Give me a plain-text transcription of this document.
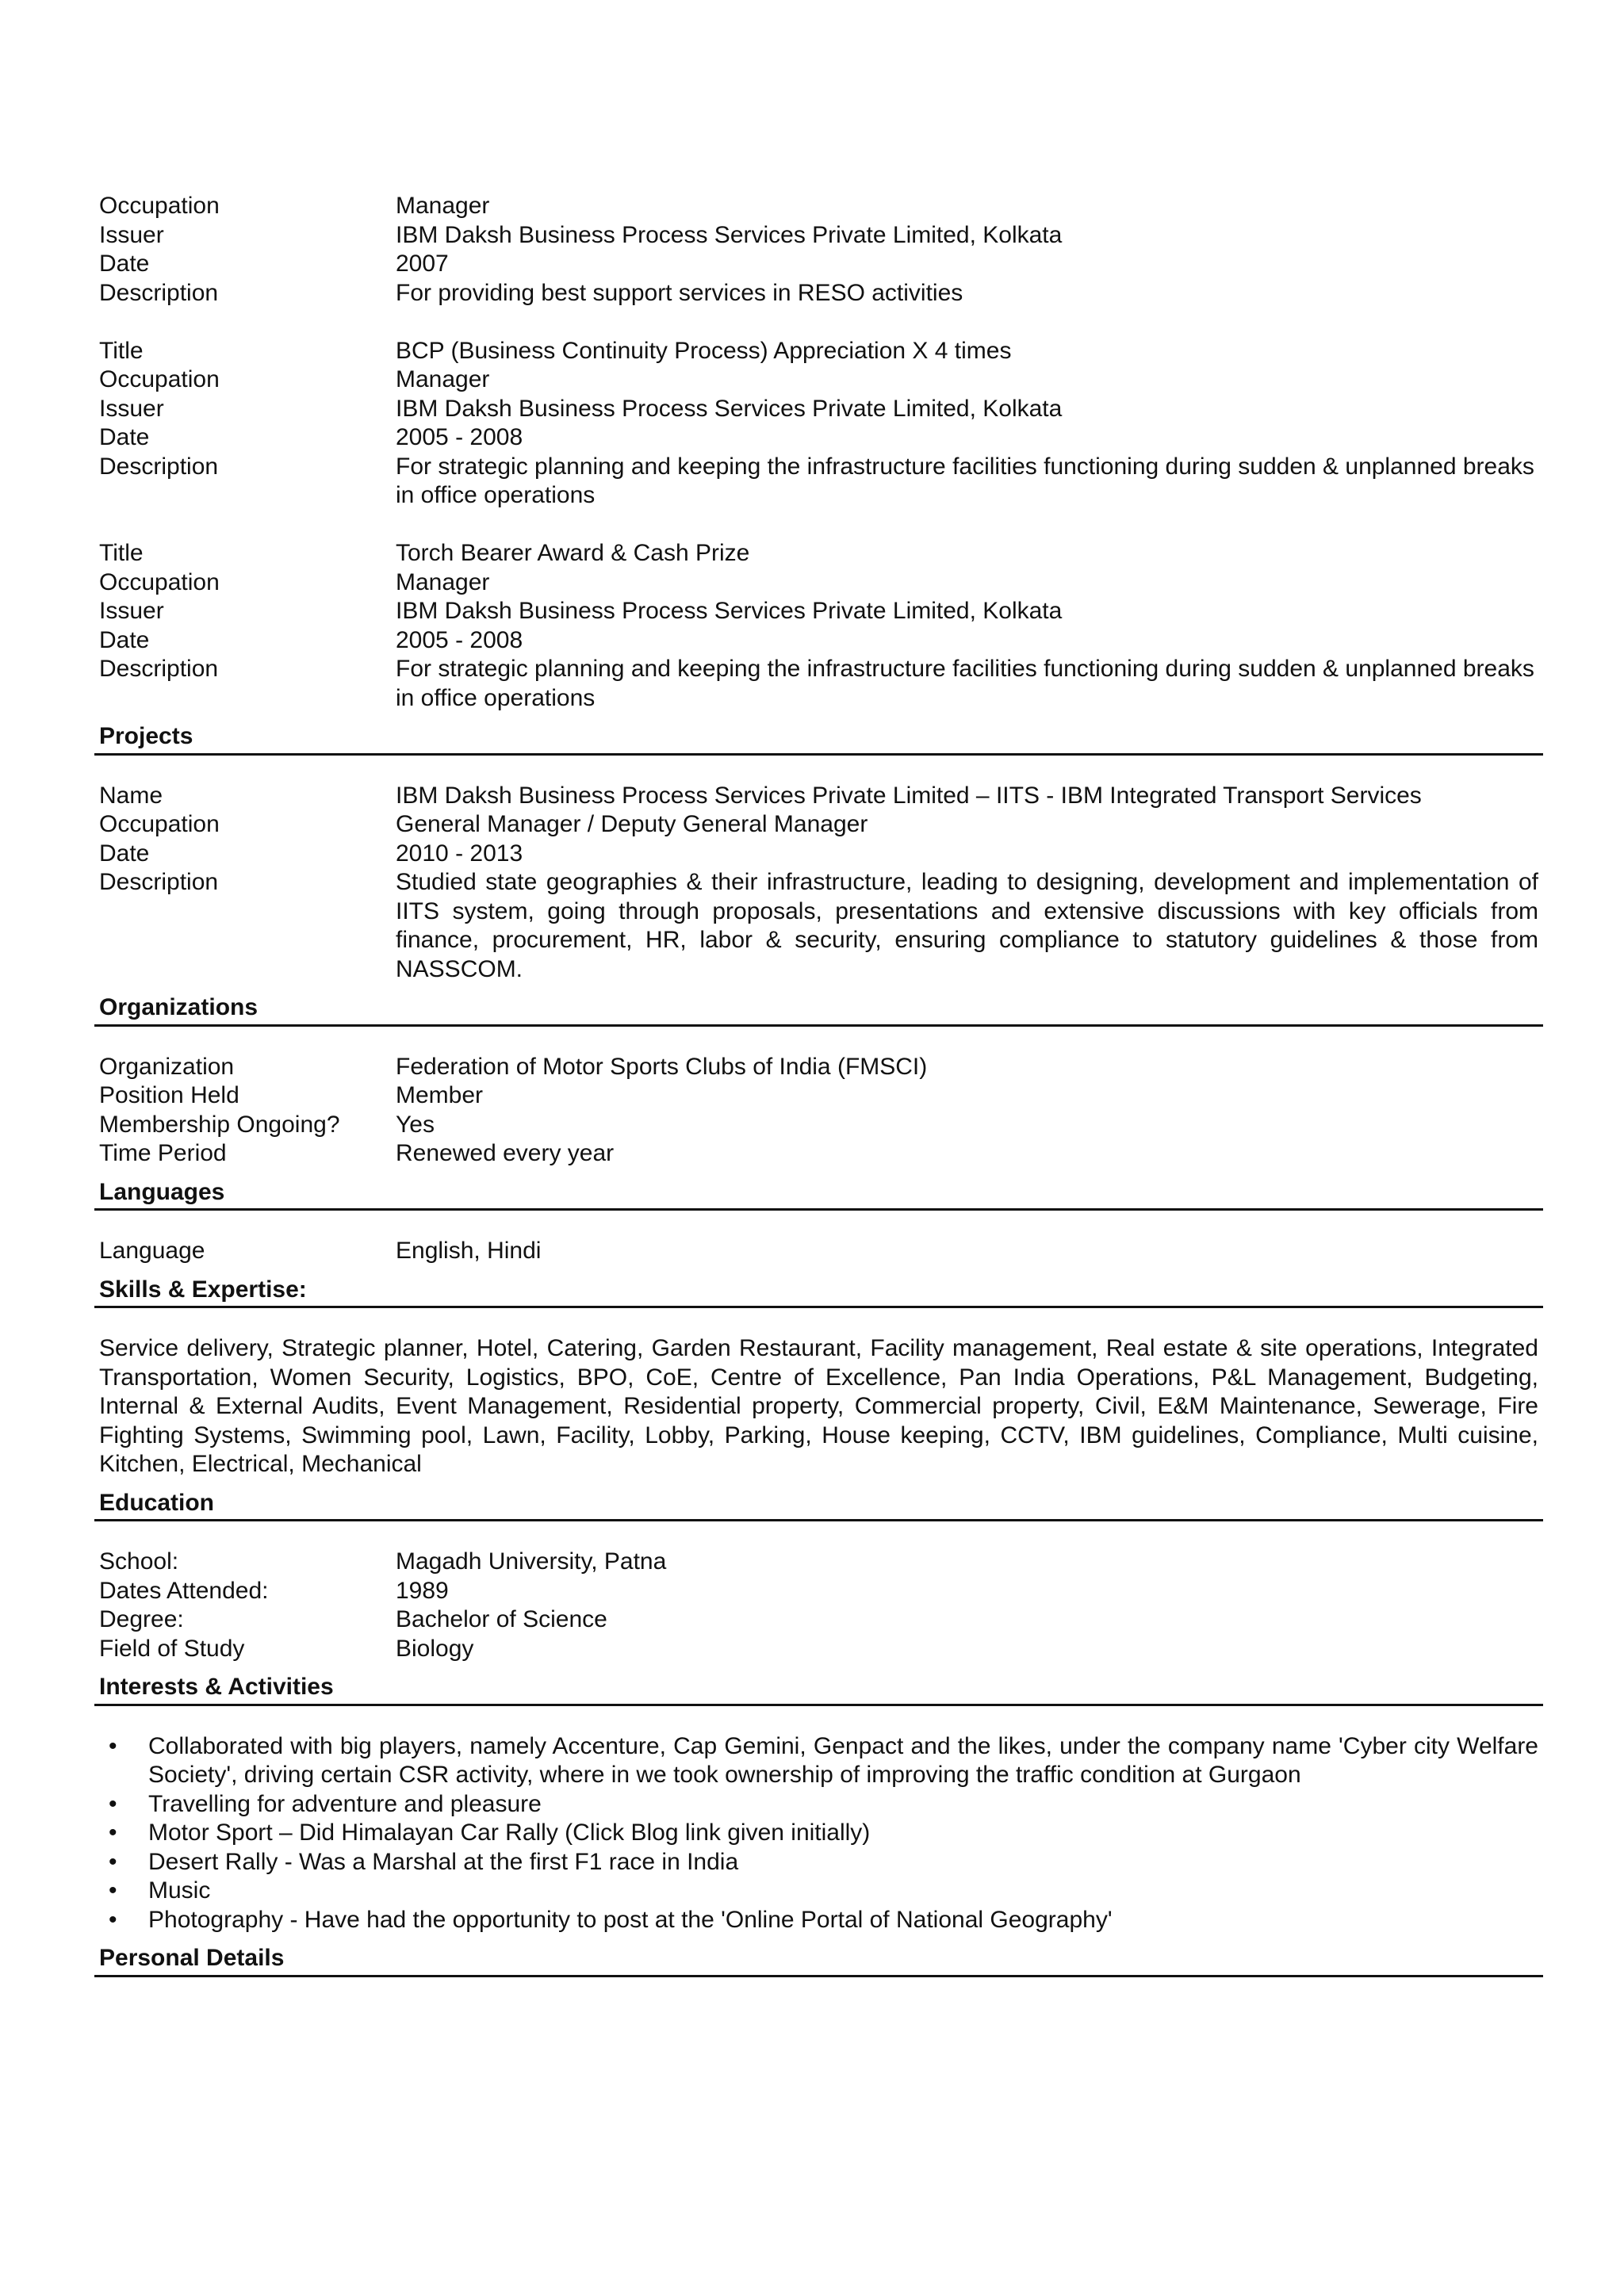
Occupation	Manager
Issuer	IBM Daksh Business Process Services Private Limited, Kolkata
Date	2007
Description	For providing best support services in RESO activities
Title	BCP (Business Continuity Process) Appreciation X 4 times
Occupation	Manager
Issuer	IBM Daksh Business Process Services Private Limited, Kolkata
Date	2005 - 2008
Description	For strategic planning and keeping the infrastructure facilities functioning during sudden & unplanned breaks in office operations
Title	Torch Bearer Award & Cash Prize
Occupation	Manager
Issuer	IBM Daksh Business Process Services Private Limited, Kolkata
Date	2005 - 2008
Description	For strategic planning and keeping the infrastructure facilities functioning during sudden & unplanned breaks in office operations
Projects
Name	IBM Daksh Business Process Services Private Limited – IITS - IBM Integrated Transport Services
Occupation	General Manager / Deputy General Manager
Date	2010 - 2013
Description	Studied state geographies & their infrastructure, leading to designing, development and implementation of IITS system, going through proposals, presentations and extensive discussions with key officials from finance, procurement, HR, labor & security, ensuring compliance to statutory guidelines & those from NASSCOM.
Organizations
Organization	Federation of Motor Sports Clubs of India (FMSCI)
Position Held	Member
Membership Ongoing?	Yes
Time Period	Renewed every year
Languages
Language	English, Hindi
Skills & Expertise:
Service delivery, Strategic planner, Hotel, Catering, Garden Restaurant, Facility management, Real estate & site operations, Integrated Transportation, Women Security, Logistics, BPO, CoE, Centre of Excellence, Pan India Operations, P&L Management, Budgeting, Internal & External Audits, Event Management, Residential property, Commercial property, Civil, E&M Maintenance, Sewerage, Fire Fighting Systems, Swimming pool, Lawn, Facility, Lobby, Parking, House keeping, CCTV, IBM guidelines, Compliance, Multi cuisine, Kitchen, Electrical, Mechanical
Education
School:	Magadh University, Patna
Dates Attended:	1989
Degree:	Bachelor of Science
Field of Study	Biology
Interests & Activities
•	Collaborated with big players, namely Accenture, Cap Gemini, Genpact and the likes, under the company name 'Cyber city Welfare Society', driving certain CSR activity, where in we took ownership of improving the traffic condition at Gurgaon
•	Travelling for adventure and pleasure
•	Motor Sport – Did Himalayan Car Rally (Click Blog link given initially)
•	Desert Rally - Was a Marshal at the first F1 race in India
•	Music
•	Photography - Have had the opportunity to post at the 'Online Portal of National Geography'
Personal Details
